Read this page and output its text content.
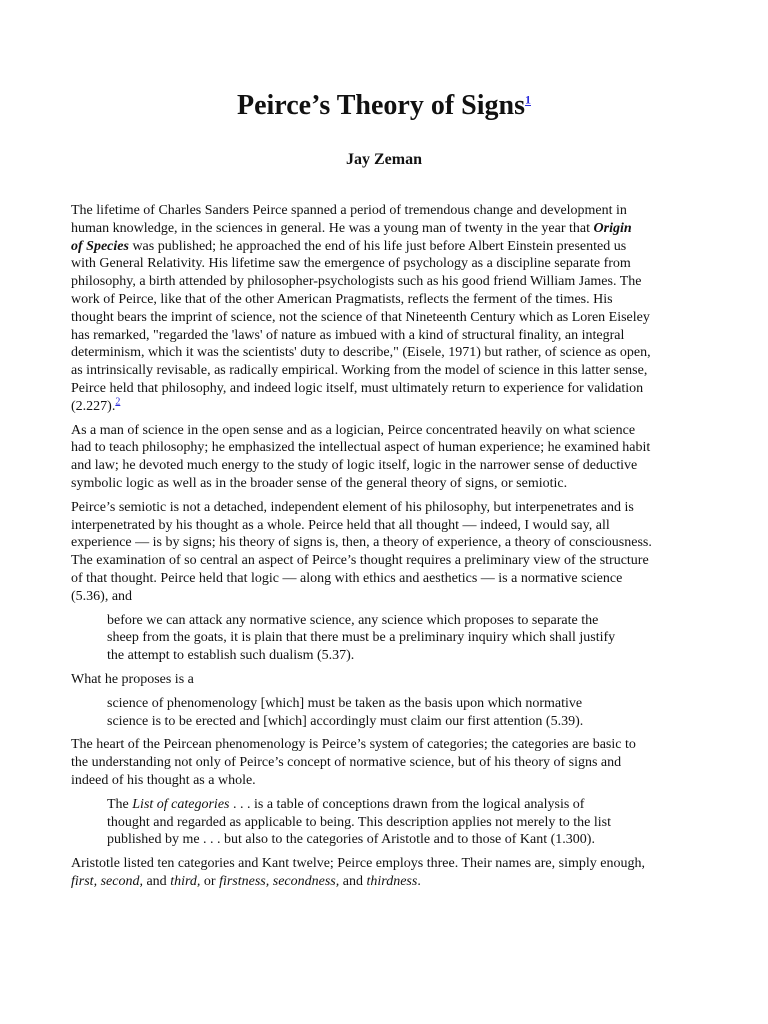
Peirce’s Theory of Signs$^1$
Jay Zeman

The lifetime of Charles Sanders Peirce spanned a period of tremendous change and development in
human knowledge, in the sciences in general. He was a young man of twenty in the year that Origin
of Species was published; he approached the end of his life just before Albert Einstein presented us
with General Relativity. His lifetime saw the emergence of psychology as a discipline separate from
philosophy, a birth attended by philosopher-psychologists such as his good friend William James. The
work of Peirce, like that of the other American Pragmatists, reflects the ferment of the times. His
thought bears the imprint of science, not the science of that Nineteenth Century which as Loren Eiseley
has remarked, "regarded the 'laws' of nature as imbued with a kind of structural finality, an integral
determinism, which it was the scientists' duty to describe," (Eisele, 1971) but rather, of science as open,
as intrinsically revisable, as radically empirical. Working from the model of science in this latter sense,
Peirce held that philosophy, and indeed logic itself, must ultimately return to experience for validation
(2.227).$^2$

As a man of science in the open sense and as a logician, Peirce concentrated heavily on what science
had to teach philosophy; he emphasized the intellectual aspect of human experience; he examined habit
and law; he devoted much energy to the study of logic itself, logic in the narrower sense of deductive
symbolic logic as well as in the broader sense of the general theory of signs, or semiotic.

Peirce’s semiotic is not a detached, independent element of his philosophy, but interpenetrates and is
interpenetrated by his thought as a whole. Peirce held that all thought — indeed, I would say, all
experience — is by signs; his theory of signs is, then, a theory of experience, a theory of consciousness.
The examination of so central an aspect of Peirce’s thought requires a preliminary view of the structure
of that thought. Peirce held that logic — along with ethics and aesthetics — is a normative science
(5.36), and

before we can attack any normative science, any science which proposes to separate the
sheep from the goats, it is plain that there must be a preliminary inquiry which shall justify
the attempt to establish such dualism (5.37).

What he proposes is a

science of phenomenology [which] must be taken as the basis upon which normative
science is to be erected and [which] accordingly must claim our first attention (5.39).

The heart of the Peircean phenomenology is Peirce’s system of categories; the categories are basic to
the understanding not only of Peirce’s concept of normative science, but of his theory of signs and
indeed of his thought as a whole.

The List of categories . . . is a table of conceptions drawn from the logical analysis of
thought and regarded as applicable to being. This description applies not merely to the list
published by me . . . but also to the categories of Aristotle and to those of Kant (1.300).

Aristotle listed ten categories and Kant twelve; Peirce employs three. Their names are, simply enough,
first, second, and third, or firstness, secondness, and thirdness.
